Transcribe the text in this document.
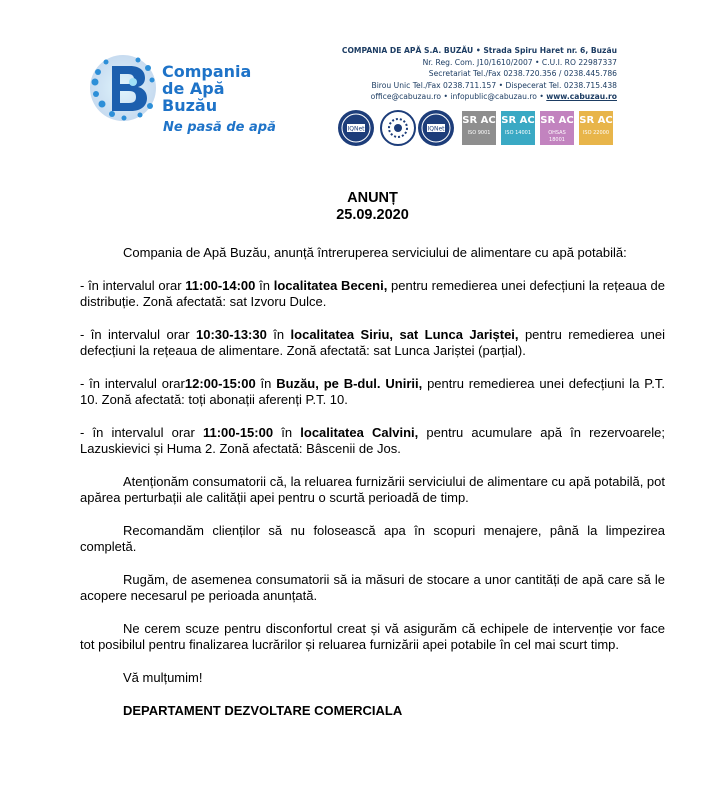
Compania
de Apă
Buzău
Ne pasă de apă
COMPANIA DE APĂ S.A. BUZĂU • Strada Spiru Haret nr. 6, Buzău
Nr. Reg. Com. J10/1610/2007 • C.U.I. RO 22987337
Secretariat Tel./Fax 0238.720.356 / 0238.445.786
Birou Unic Tel./Fax 0238.711.157 • Dispecerat Tel. 0238.715.438
office@cabuzau.ro • infopublic@cabuzau.ro • www.cabuzau.ro
IQNet	IQNet
SR AC
ISO 9001
SR AC
ISO 14001
SR AC
OHSAS 18001
SR AC
ISO 22000
ANUNȚ
25.09.2020

Compania de Apă Buzău, anunță întreruperea serviciului de alimentare cu apă potabilă:

- în intervalul orar 11:00-14:00 în localitatea Beceni, pentru remedierea unei defecțiuni la rețeaua de distribuție. Zonă afectată: sat Izvoru Dulce.

- în intervalul orar 10:30-13:30 în localitatea Siriu, sat Lunca Jariștei, pentru remedierea unei defecțiuni la rețeaua de alimentare. Zonă afectată: sat Lunca Jariștei (parțial).

- în intervalul orar12:00-15:00 în Buzău, pe B-dul. Unirii, pentru remedierea unei defecțiuni la P.T. 10. Zonă afectată: toți abonații aferenți P.T. 10.

- în intervalul orar 11:00-15:00 în localitatea Calvini, pentru acumulare apă în rezervoarele; Lazuskievici și Huma 2. Zonă afectată: Bâscenii de Jos.

Atenționăm consumatorii că, la reluarea furnizării serviciului de alimentare cu apă potabilă, pot apărea perturbații ale calității apei pentru o scurtă perioadă de timp.

Recomandăm clienților să nu folosească apa în scopuri menajere, până la limpezirea completă.

Rugăm, de asemenea consumatorii să ia măsuri de stocare a unor cantități de apă care să le acopere necesarul pe perioada anunțată.

Ne cerem scuze pentru disconfortul creat și vă asigurăm că echipele de intervenție vor face tot posibilul pentru finalizarea lucrărilor și reluarea furnizării apei potabile în cel mai scurt timp.

Vă mulțumim!

DEPARTAMENT DEZVOLTARE COMERCIALA
